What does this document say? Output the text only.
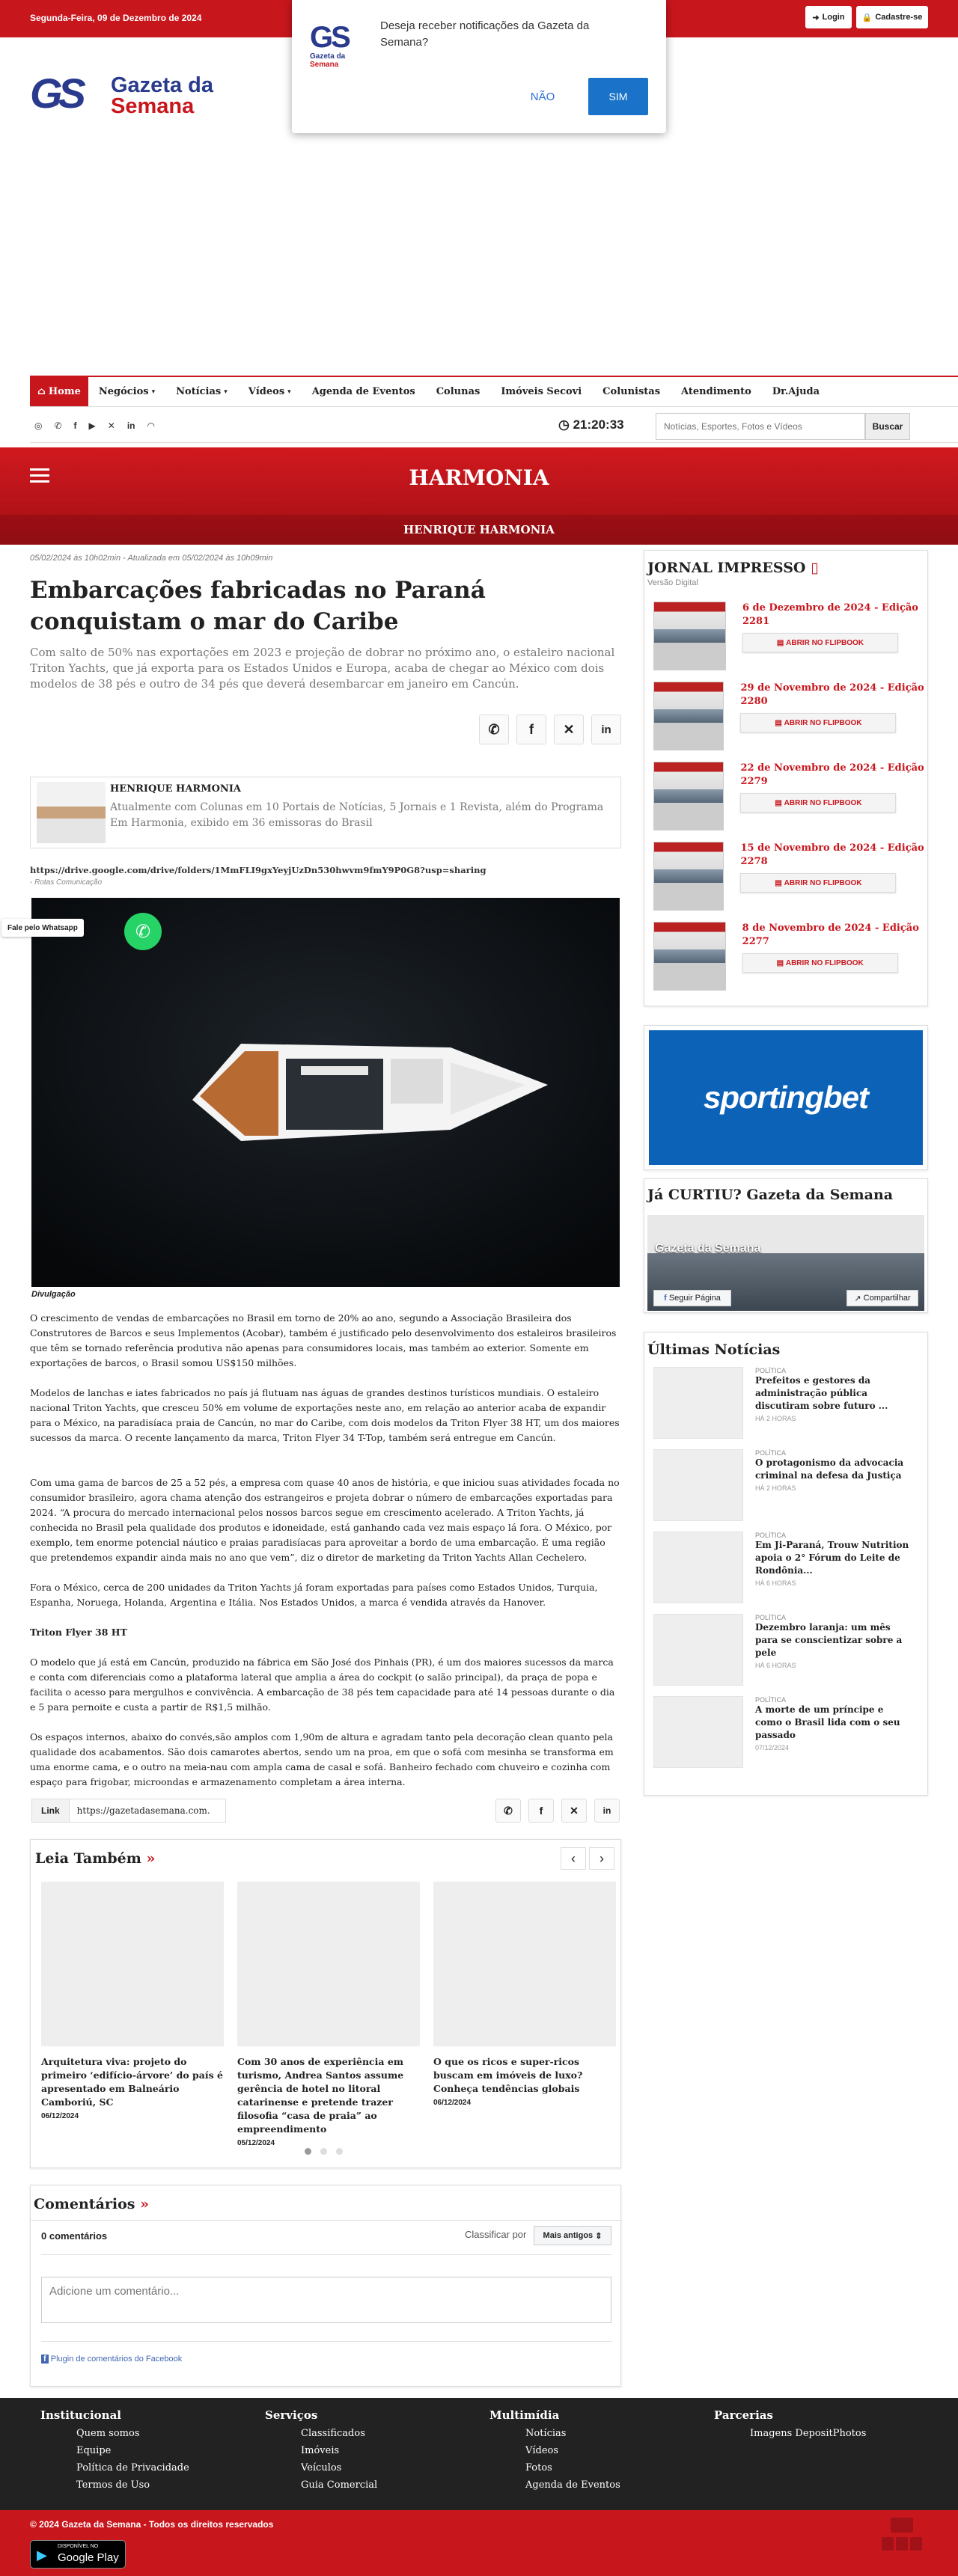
Segunda-Feira, 09 de Dezembro de 2024	➜ Login 🔒 Cadastre-se
GS
Gazeta da
Semana
Deseja receber notificações da Gazeta da Semana?
NÃO	SIM
GS Gazeta da
Semana
⌂ Home Negócios ▾ Notícias ▾ Vídeos ▾	Agenda de Eventos	Colunas	Imóveis Secovi	Colunistas	Atendimento	Dr.Ajuda
◎ ✆ f ▶ ✕ in ◠	◷ 21:20:33
Notícias, Esportes, Fotos e Vídeos	Buscar
HARMONIA
HENRIQUE HARMONIA
05/02/2024 às 10h02min - Atualizada em 05/02/2024 às 10h09min
Embarcações fabricadas no Paraná conquistam o mar do Caribe

Com salto de 50% nas exportações em 2023 e projeção de dobrar no próximo ano, o estaleiro nacional Triton Yachts, que já exporta para os Estados Unidos e Europa, acaba de chegar ao México com dois modelos de 38 pés e outro de 34 pés que deverá desembarcar em janeiro em Cancún.

✆	f	✕	in
HENRIQUE HARMONIA
Atualmente com Colunas em 10 Portais de Notícias, 5 Jornais e 1 Revista, além do Programa Em Harmonia, exibido em 36 emissoras do Brasil
https://drive.google.com/drive/folders/1MmFLI9gxYeyjUzDn530hwvm9fmY9P0G8?usp=sharing
- Rotas Comunicação
Fale pelo Whatsapp	✆
Divulgação

O crescimento de vendas de embarcações no Brasil em torno de 20% ao ano, segundo a Associação Brasileira dos Construtores de Barcos e seus Implementos (Acobar), também é justificado pelo desenvolvimento dos estaleiros brasileiros que têm se tornado referência produtiva não apenas para consumidores locais, mas também ao exterior. Somente em exportações de barcos, o Brasil somou US$150 milhões.

Modelos de lanchas e iates fabricados no país já flutuam nas águas de grandes destinos turísticos mundiais. O estaleiro nacional Triton Yachts, que cresceu 50% em volume de exportações neste ano, em relação ao anterior acaba de expandir para o México, na paradisíaca praia de Cancún, no mar do Caribe, com dois modelos da Triton Flyer 38 HT, um dos maiores sucessos da marca. O recente lançamento da marca, Triton Flyer 34 T-Top, também será entregue em Cancún.

Com uma gama de barcos de 25 a 52 pés, a empresa com quase 40 anos de história, e que iniciou suas atividades focada no consumidor brasileiro, agora chama atenção dos estrangeiros e projeta dobrar o número de embarcações exportadas para 2024. “A procura do mercado internacional pelos nossos barcos segue em crescimento acelerado. A Triton Yachts, já conhecida no Brasil pela qualidade dos produtos e idoneidade, está ganhando cada vez mais espaço lá fora. O México, por exemplo, tem enorme potencial náutico e praias paradisíacas para aproveitar a bordo de uma embarcação. É uma região que pretendemos expandir ainda mais no ano que vem”, diz o diretor de marketing da Triton Yachts Allan Cechelero.

Fora o México, cerca de 200 unidades da Triton Yachts já foram exportadas para países como Estados Unidos, Turquia, Espanha, Noruega, Holanda, Argentina e Itália. Nos Estados Unidos, a marca é vendida através da Hanover.

Triton Flyer 38 HT

O modelo que já está em Cancún, produzido na fábrica em São José dos Pinhais (PR), é um dos maiores sucessos da marca e conta com diferenciais como a plataforma lateral que amplia a área do cockpit (o salão principal), da praça de popa e facilita o acesso para mergulhos e convivência. A embarcação de 38 pés tem capacidade para até 14 pessoas durante o dia e 5 para pernoite e custa a partir de R$1,5 milhão.

Os espaços internos, abaixo do convés,são amplos com 1,90m de altura e agradam tanto pela decoração clean quanto pela qualidade dos acabamentos. São dois camarotes abertos, sendo um na proa, em que o sofá com mesinha se transforma em uma enorme cama, e o outro na meia-nau com ampla cama de casal e sofá. Banheiro fechado com chuveiro e cozinha com espaço para frigobar, microondas e armazenamento completam a área interna.

Link	https://gazetadasemana.com.	✆	f	✕	in
Leia Também »	‹	›
Arquitetura viva: projeto do primeiro ‘edifício-árvore’ do país é apresentado em Balneário Camboriú, SC
06/12/2024
Com 30 anos de experiência em turismo, Andrea Santos assume gerência de hotel no litoral catarinense e pretende trazer filosofia “casa de praia” ao empreendimento
05/12/2024
O que os ricos e super-ricos buscam em imóveis de luxo? Conheça tendências globais
06/12/2024
Comentários »
0 comentários	Classificar por Mais antigos
⇕
Adicione um comentário...
f Plugin de comentários do Facebook
JORNAL IMPRESSO ▯
Versão Digital
6 de Dezembro de 2024 - Edição 2281
▤
ABRIR NO FLIPBOOK
29 de Novembro de 2024 - Edição 2280
▤
ABRIR NO FLIPBOOK
22 de Novembro de 2024 - Edição 2279
▤
ABRIR NO FLIPBOOK
15 de Novembro de 2024 - Edição 2278
▤
ABRIR NO FLIPBOOK
8 de Novembro de 2024 - Edição 2277
▤
ABRIR NO FLIPBOOK
sportingbet
Já CURTIU? Gazeta da Semana
Gazeta da Semana
f
Seguir Página	↗
Compartilhar
Últimas Notícias
POLÍTICA
Prefeitos e gestores da administração pública discutiram sobre futuro ...
HÁ 2 HORAS
POLÍTICA
O protagonismo da advocacia criminal na defesa da Justiça
HÁ 2 HORAS
POLÍTICA
Em Ji-Paraná, Trouw Nutrition apoia o 2° Fórum do Leite de Rondônia...
HÁ 6 HORAS
POLÍTICA
Dezembro laranja: um mês para se conscientizar sobre a pele
HÁ 6 HORAS
POLÍTICA
A morte de um príncipe e como o Brasil lida com o seu passado
07/12/2024
Institucional
Quem somos
Equipe
Política de Privacidade
Termos de Uso
Serviços
Classificados
Imóveis
Veículos
Guia Comercial
Multimídia
Notícias
Vídeos
Fotos
Agenda de Eventos
Parcerias
Imagens DepositPhotos
© 2024 Gazeta da Semana - Todos os direitos reservados
▶
DISPONÍVEL NO
Google Play
